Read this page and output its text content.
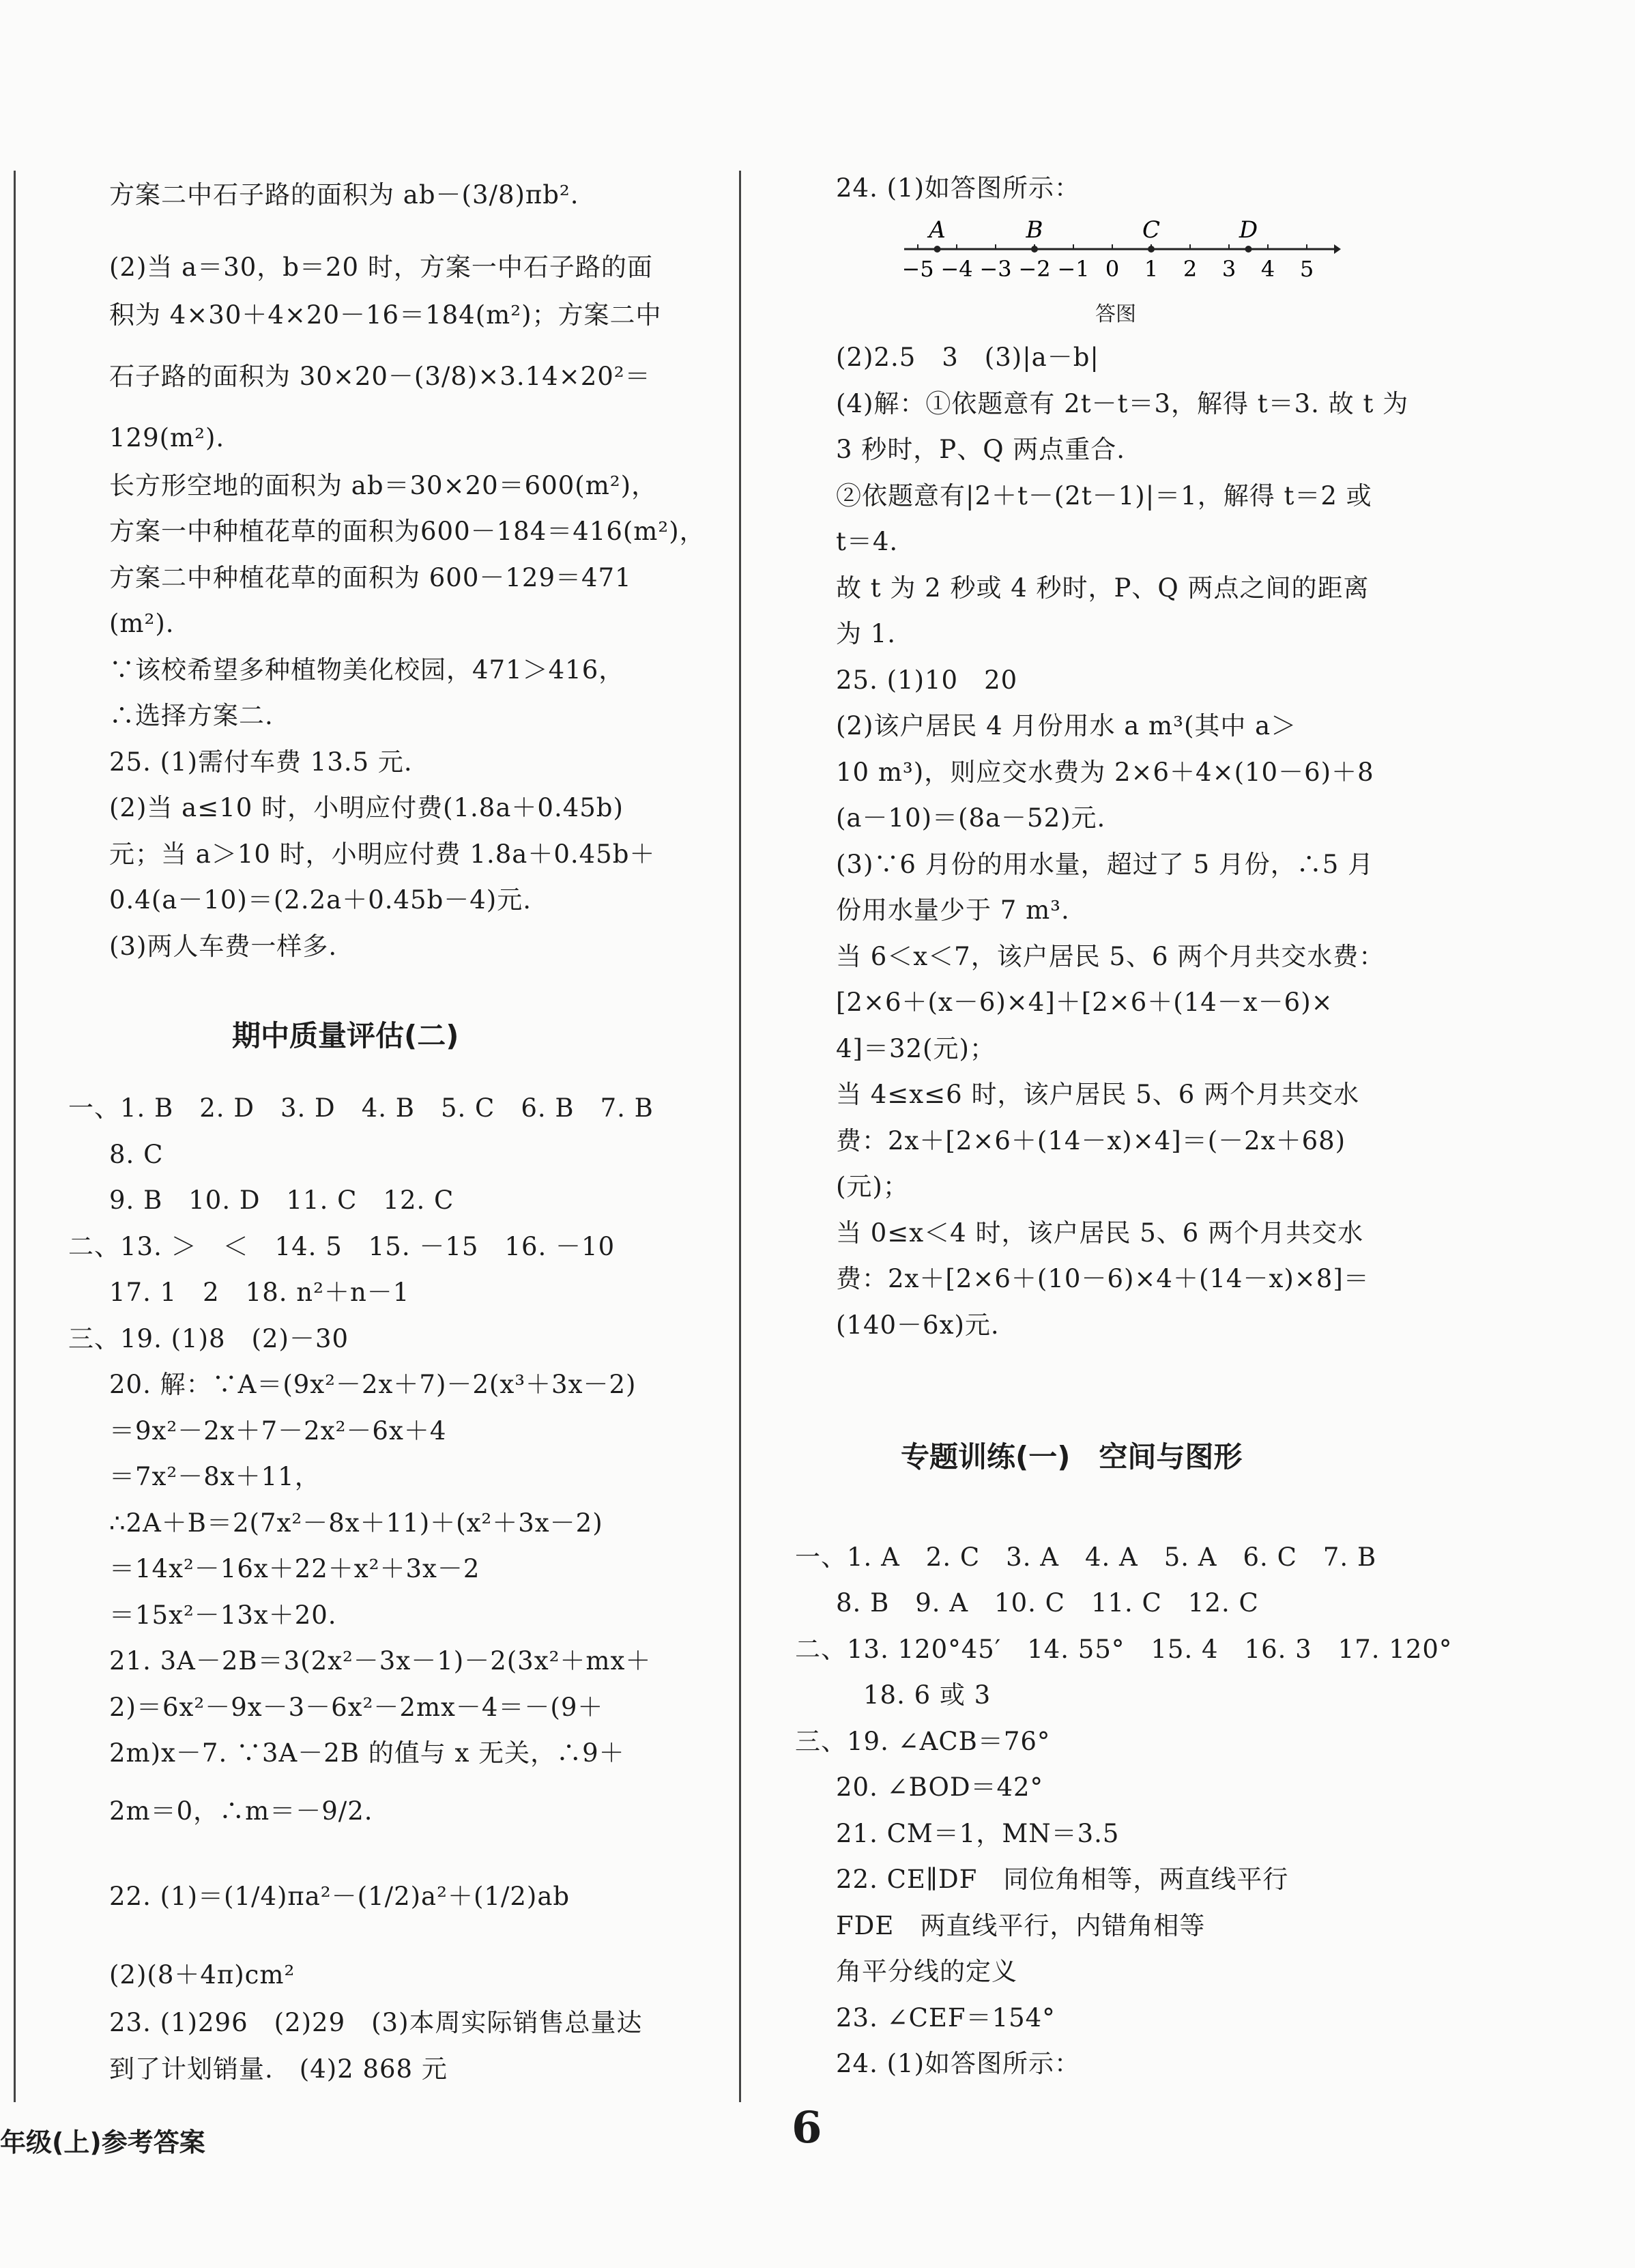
方案二中石子路的面积为 ab－(3/8)πb².
(2)当 a＝30，b＝20 时，方案一中石子路的面
积为 4×30＋4×20－16＝184(m²)；方案二中
石子路的面积为 30×20－(3/8)×3.14×20²＝
129(m²).
长方形空地的面积为 ab＝30×20＝600(m²)，
方案一中种植花草的面积为600－184＝416(m²)，
方案二中种植花草的面积为 600－129＝471
(m²).
∵该校希望多种植物美化校园，471＞416，
∴选择方案二.
25. (1)需付车费 13.5 元.
(2)当 a≤10 时，小明应付费(1.8a＋0.45b)
元；当 a＞10 时，小明应付费 1.8a＋0.45b＋
0.4(a－10)＝(2.2a＋0.45b－4)元.
(3)两人车费一样多.
期中质量评估(二)
一、1. B　2. D　3. D　4. B　5. C　6. B　7. B
8. C
9. B　10. D　11. C　12. C
二、13. ＞　＜　14. 5　15. －15　16. －10
17. 1　2　18. n²＋n－1
三、19. (1)8　(2)－30
20. 解：∵A＝(9x²－2x＋7)－2(x³＋3x－2)
＝9x²－2x＋7－2x²－6x＋4
＝7x²－8x＋11，
∴2A＋B＝2(7x²－8x＋11)＋(x²＋3x－2)
＝14x²－16x＋22＋x²＋3x－2
＝15x²－13x＋20.
21. 3A－2B＝3(2x²－3x－1)－2(3x²＋mx＋
2)＝6x²－9x－3－6x²－2mx－4＝－(9＋
2m)x－7. ∵3A－2B 的值与 x 无关，∴9＋
2m＝0，∴m＝－9/2.
22. (1)＝(1/4)πa²－(1/2)a²＋(1/2)ab
(2)(8＋4π)cm²
23. (1)296　(2)29　(3)本周实际销售总量达
到了计划销量.　(4)2 868 元
24. (1)如答图所示：
−5 −4 −3 −2 −1 0 1 2 3 4 5
A	B	C	D
答图
(2)2.5　3　(3)|a－b|
(4)解：①依题意有 2t－t＝3，解得 t＝3. 故 t 为
3 秒时，P、Q 两点重合.
②依题意有|2＋t－(2t－1)|＝1，解得 t＝2 或
t＝4.
故 t 为 2 秒或 4 秒时，P、Q 两点之间的距离
为 1.
25. (1)10　20
(2)该户居民 4 月份用水 a m³(其中 a＞
10 m³)，则应交水费为 2×6＋4×(10－6)＋8
(a－10)＝(8a－52)元.
(3)∵6 月份的用水量，超过了 5 月份，∴5 月
份用水量少于 7 m³.
当 6＜x＜7，该户居民 5、6 两个月共交水费：
[2×6＋(x－6)×4]＋[2×6＋(14－x－6)×
4]＝32(元)；
当 4≤x≤6 时，该户居民 5、6 两个月共交水
费：2x＋[2×6＋(14－x)×4]＝(－2x＋68)
(元)；
当 0≤x＜4 时，该户居民 5、6 两个月共交水
费：2x＋[2×6＋(10－6)×4＋(14－x)×8]＝
(140－6x)元.
专题训练(一)　空间与图形
一、1. A　2. C　3. A　4. A　5. A　6. C　7. B
8. B　9. A　10. C　11. C　12. C
二、13. 120°45′　14. 55°　15. 4　16. 3　17. 120°
18. 6 或 3
三、19. ∠ACB＝76°
20. ∠BOD＝42°
21. CM＝1，MN＝3.5
22. CE∥DF　同位角相等，两直线平行
FDE　两直线平行，内错角相等
角平分线的定义
23. ∠CEF＝154°
24. (1)如答图所示：
年级(上)参考答案	6
